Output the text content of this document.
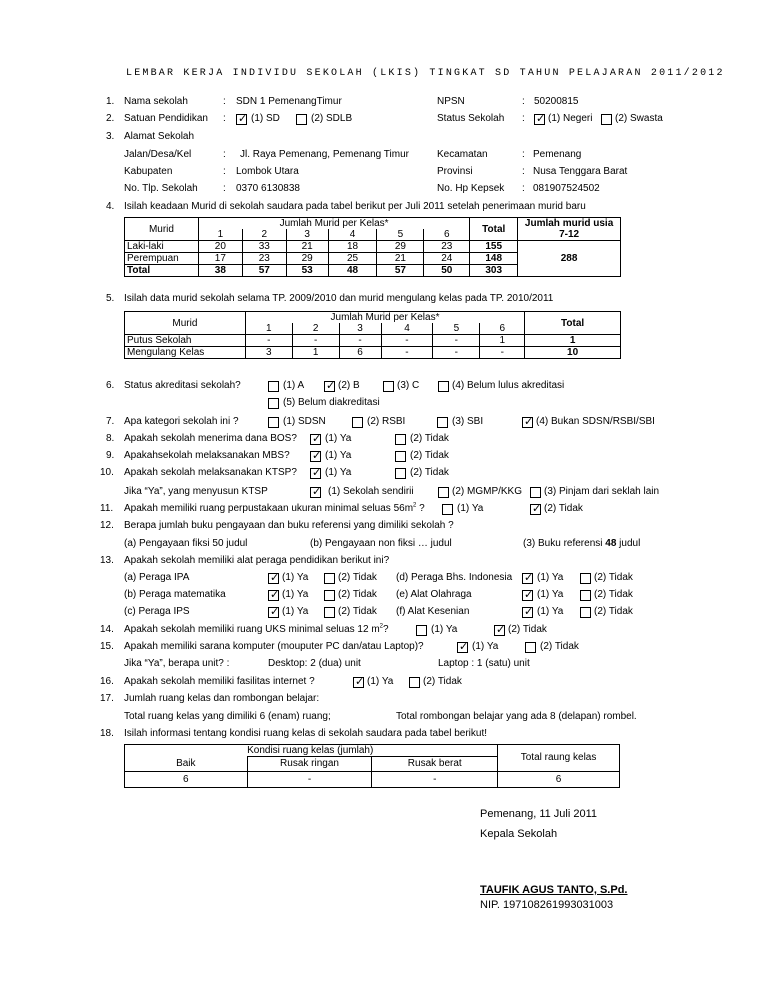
LEMBAR KERJA INDIVIDU SEKOLAH (LKIS) TINGKAT SD TAHUN PELAJARAN 2011/2012
1. Nama sekolah	: SDN 1 PemenangTimur	NPSN	: 50200815
2. Satuan Pendidikan : ✓	(1) SD	(2) SDLB	Status Sekolah : ✓ (1) Negeri (2) Swasta
3. Alamat Sekolah
Jalan/Desa/Kel	: Jl. Raya Pemenang, Pemenang Timur	Kecamatan	: Pemenang
Kabupaten	: Lombok Utara	Provinsi	: Nusa Tenggara Barat
No. Tlp. Sekolah	: 0370 6130838	No. Hp Kepsek : 081907524502
4. Isilah keadaan Murid di sekolah saudara pada tabel berikut per Juli 2011 setelah penerimaan murid baru
Murid	Jumlah Murid per Kelas*						Total	Jumlah murid usia 7-12
	1	2	3	4	5	6		
Laki-laki	20	33	21	18	29	23	155	288
Perempuan	17	23	29	25	21	24	148	
Total	38	57	53	48	57	50	303	
5. Isilah data murid sekolah selama TP. 2009/2010 dan murid mengulang kelas pada TP. 2010/2011
Murid	Jumlah Murid per Kelas*						Total
	1	2	3	4	5	6	
Putus Sekolah	-	-	-	-	-	1	1
Mengulang Kelas	3	1	6	-	-	-	10
6. Status akreditasi sekolah?	(1) A ✓	(2) B	(3) C	(4) Belum lulus akreditasi
(5) Belum diakreditasi
7. Apa kategori sekolah ini ?	(1) SDSN	(2) RSBI	(3) SBI ✓	(4) Bukan SDSN/RSBI/SBI
8. Apakah sekolah menerima dana BOS? ✓	(1) Ya	(2) Tidak
9. Apakahsekolah melaksanakan MBS? ✓	(1) Ya	(2) Tidak
10. Apakah sekolah melaksanakan KTSP? ✓	(1) Ya	(2) Tidak
Jika “Ya”, yang menyusun KTSP ✓	(1) Sekolah sendirii	(2) MGMP/KKG (3) Pinjam dari seklah lain
11. Apakah memiliki ruang perpustakaan ukuran minimal seluas $56m^2$ ?	(1) Ya ✓	(2) Tidak
12. Berapa jumlah buku pengayaan dan buku referensi yang dimiliki sekolah ?
(a) Pengayaan fiksi 50 judul	(b) Pengayaan non fiksi … judul	(3) Buku referensi 48 judul
13. Apakah sekolah memiliki alat peraga pendidikan berikut ini?
(a) Peraga IPA ✓	(1) Ya	(2) Tidak (d) Peraga Bhs. Indonesia ✓ (1) Ya	(2) Tidak
(b) Peraga matematika ✓	(1) Ya	(2) Tidak (e) Alat Olahraga ✓	(1) Ya	(2) Tidak
(c) Peraga IPS ✓	(1) Ya	(2) Tidak (f) Alat Kesenian ✓	(1) Ya	(2) Tidak
14. Apakah sekolah memiliki ruang UKS minimal seluas 12 $m^2$?	(1) Ya ✓	(2) Tidak
15. Apakah memiliki sarana komputer (mouputer PC dan/atau Laptop)? ✓	(1) Ya	(2) Tidak
Jika “Ya”, berapa unit? :	Desktop: 2 (dua) unit	Laptop : 1 (satu) unit
16. Apakah sekolah memiliki fasilitas internet ? ✓	(1) Ya	(2) Tidak
17. Jumlah ruang kelas dan rombongan belajar:
Total ruang kelas yang dimiliki 6 (enam) ruang;	Total rombongan belajar yang ada 8 (delapan) rombel.
18. Isilah informasi tentang kondisi ruang kelas di sekolah saudara pada tabel berikut!
	Kondisi ruang kelas (jumlah)		Total raung kelas
Baik	Rusak ringan	Rusak berat	
6	-	-	6
Pemenang, 11 Juli 2011
Kepala Sekolah
TAUFIK AGUS TANTO, S.Pd.
NIP. 197108261993031003
